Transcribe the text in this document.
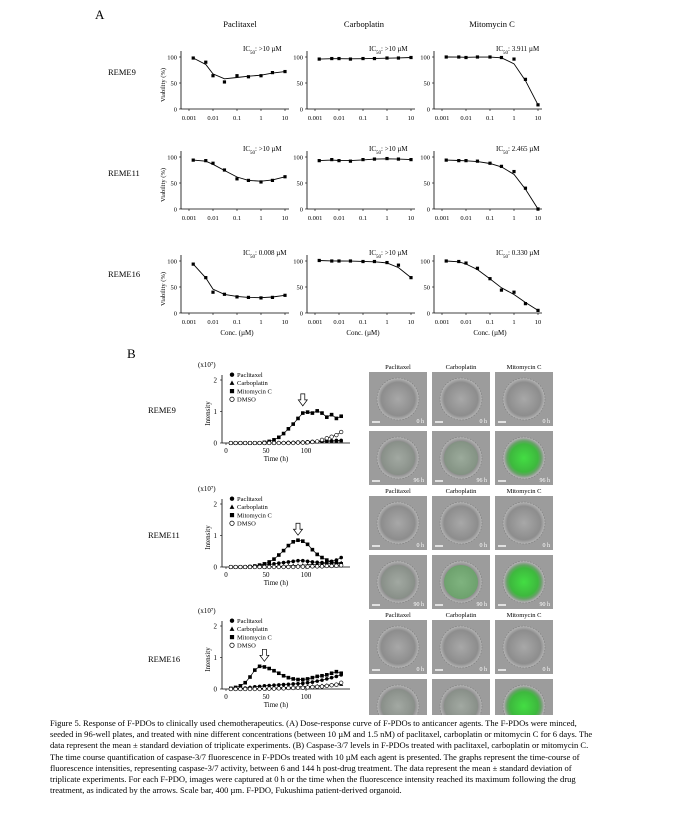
A
Paclitaxel	Carboplatin	Mitomycin C
REME9
REME11
REME16
0
50
100
0.001 0.01 0.1	1	10
Viability (%)
$IC_{50}$: >10 µM
0
50
100
0.001 0.01 0.1	1	10
$IC_{50}$: >10 µM
0
50
100
0.001 0.01 0.1	1	10
$IC_{50}$: 3.911 µM
0
50
100
0.001 0.01 0.1	1	10
Viability (%)
$IC_{50}$: >10 µM
0
50
100
0.001 0.01 0.1	1	10
$IC_{50}$: >10 µM
0
50
100
0.001 0.01 0.1	1	10
$IC_{50}$: 2.465 µM
0
50
100
0.001 0.01 0.1	1	10
Viability (%)
Conc. (µM)
$IC_{50}$: 0.008 µM
0
50
100
0.001 0.01 0.1	1	10
Conc. (µM)
$IC_{50}$: >10 µM
0
50
100
0.001 0.01 0.1	1	10
Conc. (µM)
$IC_{50}$: 0.330 µM
B
REME9
REME11
REME16
(x10⁷)
0
1
2
0	50	100
Time (h)
Intensity
Paclitaxel
Carboplatin
Mitomycin C
DMSO
(x10⁷)
0
1
2
0	50	100
Time (h)
Intensity
Paclitaxel
Carboplatin
Mitomycin C
DMSO
(x10⁷)
0
1
2
0	50	100
Time (h)
Intensity
Paclitaxel
Carboplatin
Mitomycin C
DMSO
Paclitaxel	Carboplatin	Mitomycin C
0 h	0 h	0 h
96 h	96 h	96 h
Paclitaxel	Carboplatin	Mitomycin C
0 h	0 h	0 h
90 h	90 h	90 h
Paclitaxel	Carboplatin	Mitomycin C
0 h	0 h	0 h

Figure 5. Response of F-PDOs to clinically used chemotherapeutics. (A) Dose-response curve of F-PDOs to anticancer agents. The F-PDOs were minced,

seeded in 96-well plates, and treated with nine different concentrations (between 10 µM and 1.5 nM) of paclitaxel, carboplatin or mitomycin C for 6 days. The

data represent the mean ± standard deviation of triplicate experiments. (B) Caspase-3/7 levels in F-PDOs treated with paclitaxel, carboplatin or mitomycin C.

The time course quantification of caspase-3/7 fluorescence in F-PDOs treated with 10 µM each agent is presented. The graphs represent the time-course of

fluorescence intensities, representing caspase-3/7 activity, between 6 and 144 h post-drug treatment. The data represent the mean ± standard deviation of

triplicate experiments. For each F-PDO, images were captured at 0 h or the time when the fluorescence intensity reached its maximum following the drug

treatment, as indicated by the arrows. Scale bar, 400 µm. F-PDO, Fukushima patient-derived organoid.
